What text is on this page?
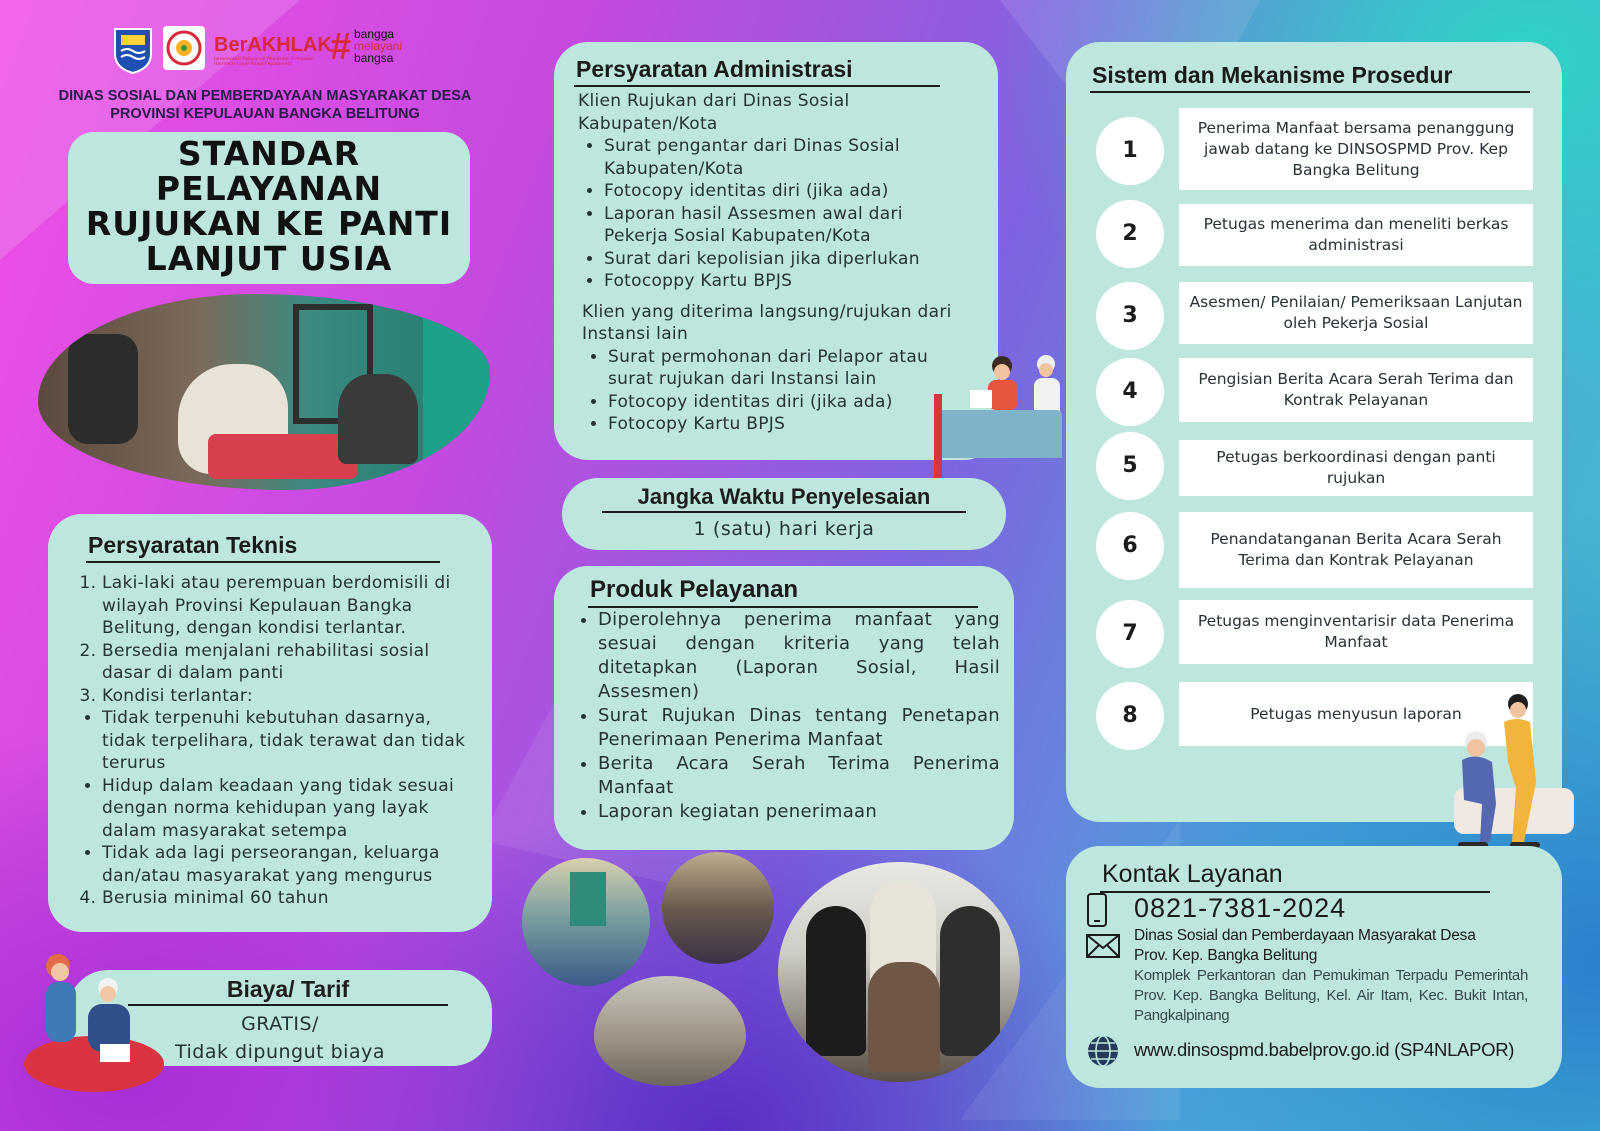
BerAKHLAK
berorientasi Pelayanan Akuntabel Kompeten Harmonis Loyal Adaptif Kolaboratif # bangga
melayani
bangsa
DINAS SOSIAL DAN PEMBERDAYAAN MASYARAKAT DESA
PROVINSI KEPULAUAN BANGKA BELITUNG
STANDAR
PELAYANAN
RUJUKAN KE PANTI
LANJUT USIA
Persyaratan Teknis
1. Laki-laki atau perempuan berdomisili di wilayah Provinsi Kepulauan Bangka Belitung, dengan kondisi terlantar.
2. Bersedia menjalani rehabilitasi sosial dasar di dalam panti
3. Kondisi terlantar:
• Tidak terpenuhi kebutuhan dasarnya, tidak terpelihara, tidak terawat dan tidak terurus
• Hidup dalam keadaan yang tidak sesuai dengan norma kehidupan yang layak dalam masyarakat setempa
• Tidak ada lagi perseorangan, keluarga dan/atau masyarakat yang mengurus
4. Berusia minimal 60 tahun
Biaya/ Tarif
GRATIS/
Tidak dipungut biaya
Persyaratan Administrasi
Klien Rujukan dari Dinas Sosial Kabupaten/Kota
• Surat pengantar dari Dinas Sosial Kabupaten/Kota
• Fotocopy identitas diri (jika ada)
• Laporan hasil Assesmen awal dari Pekerja Sosial Kabupaten/Kota
• Surat dari kepolisian jika diperlukan
• Fotocoppy Kartu BPJS
Klien yang diterima langsung/rujukan dari Instansi lain
• Surat permohonan dari Pelapor atau surat rujukan dari Instansi lain
• Fotocopy identitas diri (jika ada)
• Fotocopy Kartu BPJS
Jangka Waktu Penyelesaian
1 (satu) hari kerja
Produk Pelayanan
• Diperolehnya penerima manfaat yang sesuai dengan kriteria yang telah ditetapkan (Laporan Sosial, Hasil Assesmen)
• Surat Rujukan Dinas tentang Penetapan Penerimaan Penerima Manfaat
• Berita Acara Serah Terima Penerima Manfaat
• Laporan kegiatan penerimaan
Sistem dan Mekanisme Prosedur
1
Penerima Manfaat bersama penanggung jawab datang ke DINSOSPMD Prov. Kep Bangka Belitung
2	Petugas menerima dan meneliti berkas administrasi
3
Asesmen/ Penilaian/ Pemeriksaan Lanjutan oleh Pekerja Sosial
4	Pengisian Berita Acara Serah Terima dan Kontrak Pelayanan
5	Petugas berkoordinasi dengan panti rujukan
6	Penandatanganan Berita Acara Serah Terima dan Kontrak Pelayanan
7	Petugas menginventarisir data Penerima Manfaat
8	Petugas menyusun laporan
Kontak Layanan
0821-7381-2024
Dinas Sosial dan Pemberdayaan Masyarakat Desa
Prov. Kep. Bangka Belitung
Komplek Perkantoran dan Pemukiman Terpadu Pemerintah Prov. Kep. Bangka Belitung, Kel. Air Itam, Kec. Bukit Intan, Pangkalpinang
www.dinsospmd.babelprov.go.id (SP4NLAPOR)
